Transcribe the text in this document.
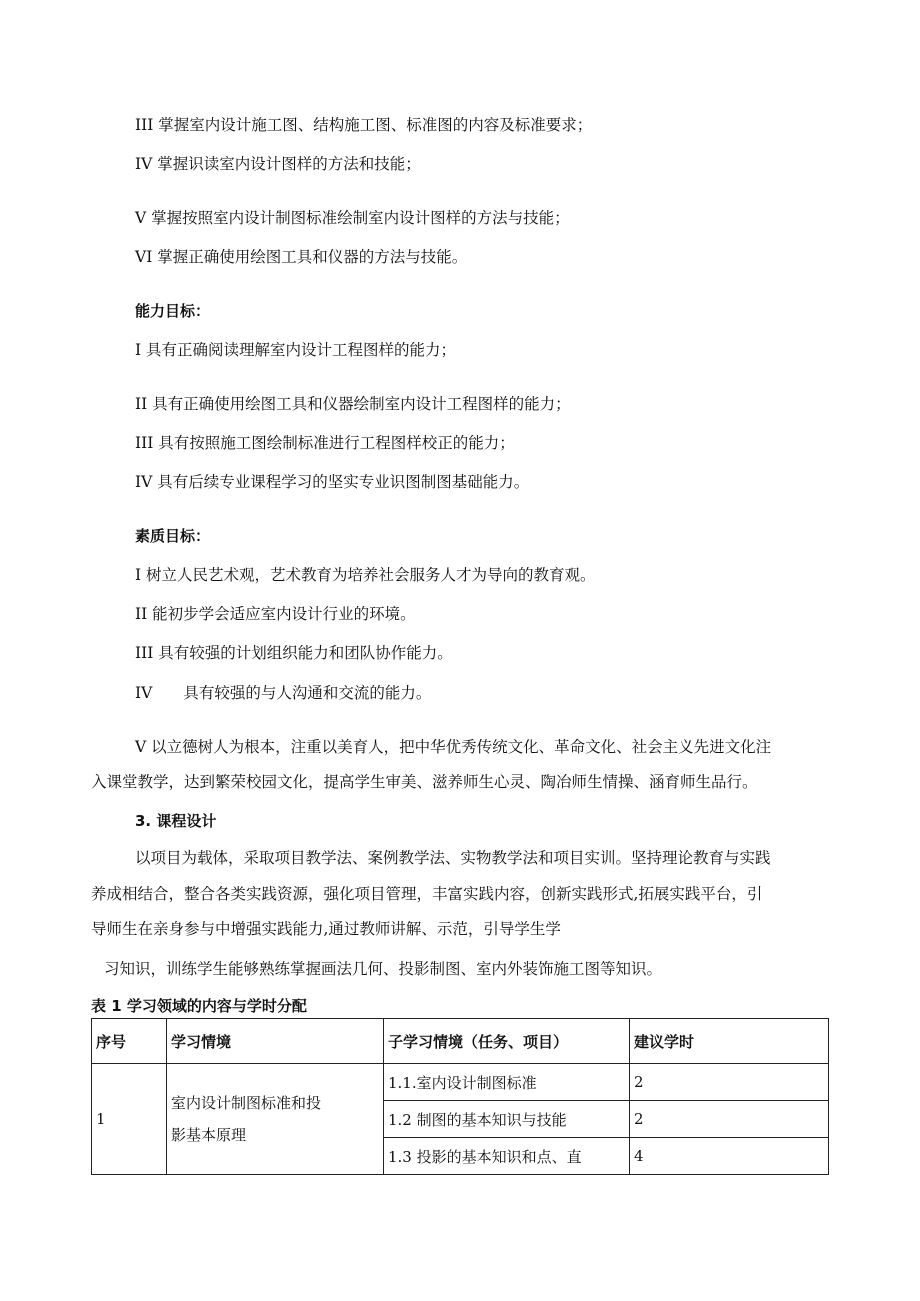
III 掌握室内设计施工图、结构施工图、标准图的内容及标准要求；
IV 掌握识读室内设计图样的方法和技能；
V 掌握按照室内设计制图标准绘制室内设计图样的方法与技能；
VI 掌握正确使用绘图工具和仪器的方法与技能。
能力目标：
I 具有正确阅读理解室内设计工程图样的能力；
II 具有正确使用绘图工具和仪器绘制室内设计工程图样的能力；
III 具有按照施工图绘制标准进行工程图样校正的能力；
IV 具有后续专业课程学习的坚实专业识图制图基础能力。
素质目标：
I 树立人民艺术观，艺术教育为培养社会服务人才为导向的教育观。
II 能初步学会适应室内设计行业的环境。
III 具有较强的计划组织能力和团队协作能力。
IV　　具有较强的与人沟通和交流的能力。
V 以立德树人为根本，注重以美育人，把中华优秀传统文化、革命文化、社会主义先进文化注
入课堂教学，达到繁荣校园文化，提高学生审美、滋养师生心灵、陶冶师生情操、涵育师生品行。
3. 课程设计
以项目为载体，采取项目教学法、案例教学法、实物教学法和项目实训。坚持理论教育与实践
养成相结合，整合各类实践资源，强化项目管理，丰富实践内容，创新实践形式,拓展实践平台，引
导师生在亲身参与中增强实践能力,通过教师讲解、示范，引导学生学
习知识，训练学生能够熟练掌握画法几何、投影制图、室内外装饰施工图等知识。
表 1 学习领域的内容与学时分配
序号	学习情境	子学习情境（任务、项目）	建议学时
1	室内设计制图标准和投
影基本原理	1.1.室内设计制图标准	2
		1.2 制图的基本知识与技能	2
		1.3 投影的基本知识和点、直	4
